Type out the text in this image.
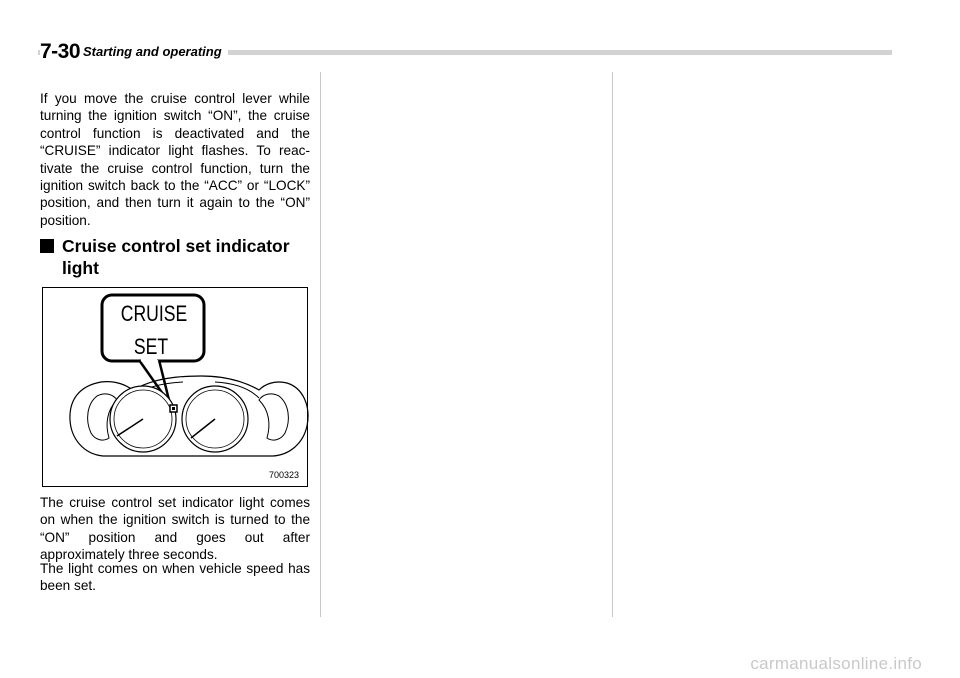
7-30 Starting and operating
If you move the cruise control lever while turning the ignition switch “ON”, the cruise control function is deactivated and the “CRUISE” indicator light flashes. To reac-tivate the cruise control function, turn the ignition switch back to the “ACC” or “LOCK” position, and then turn it again to the “ON” position.
Cruise control set indicator
light
CRUISE
SET
700323
The cruise control set indicator light comes on when the ignition switch is turned to the “ON” position and goes out after approximately three seconds.
The light comes on when vehicle speed has been set.
carmanualsonline.info
